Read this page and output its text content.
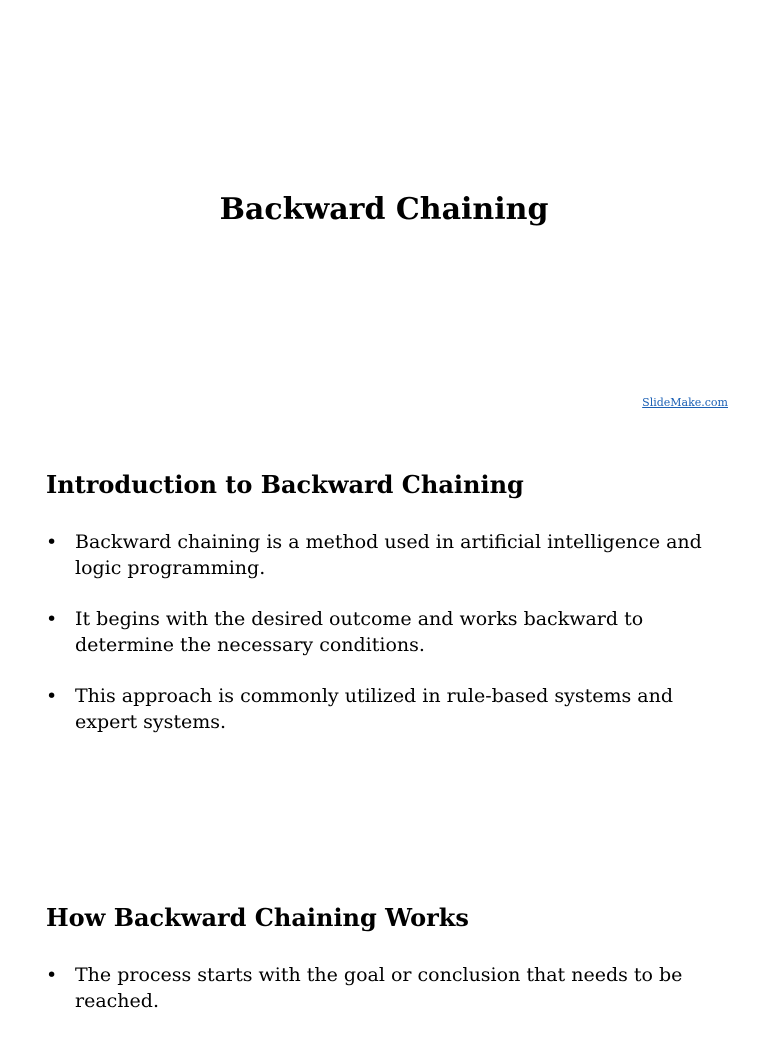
Backward Chaining
SlideMake.com
Introduction to Backward Chaining
• Backward chaining is a method used in artificial intelligence and logic programming.
• It begins with the desired outcome and works backward to determine the necessary conditions.
• This approach is commonly utilized in rule-based systems and expert systems.
How Backward Chaining Works
• The process starts with the goal or conclusion that needs to be reached.
